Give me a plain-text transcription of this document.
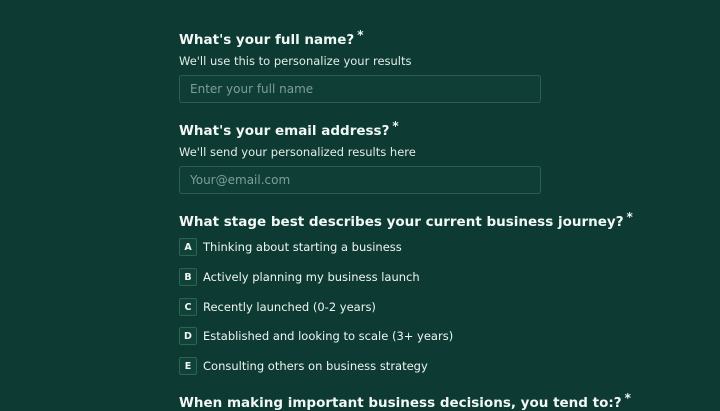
What's your full name? *
We'll use this to personalize your results
Enter your full name
What's your email address? *
We'll send your personalized results here
Your@email.com
What stage best describes your current business journey? *
A Thinking about starting a business
B Actively planning my business launch
C	Recently launched (0-2 years)
D Established and looking to scale (3+ years)
E	Consulting others on business strategy
When making important business decisions, you tend to:? *
